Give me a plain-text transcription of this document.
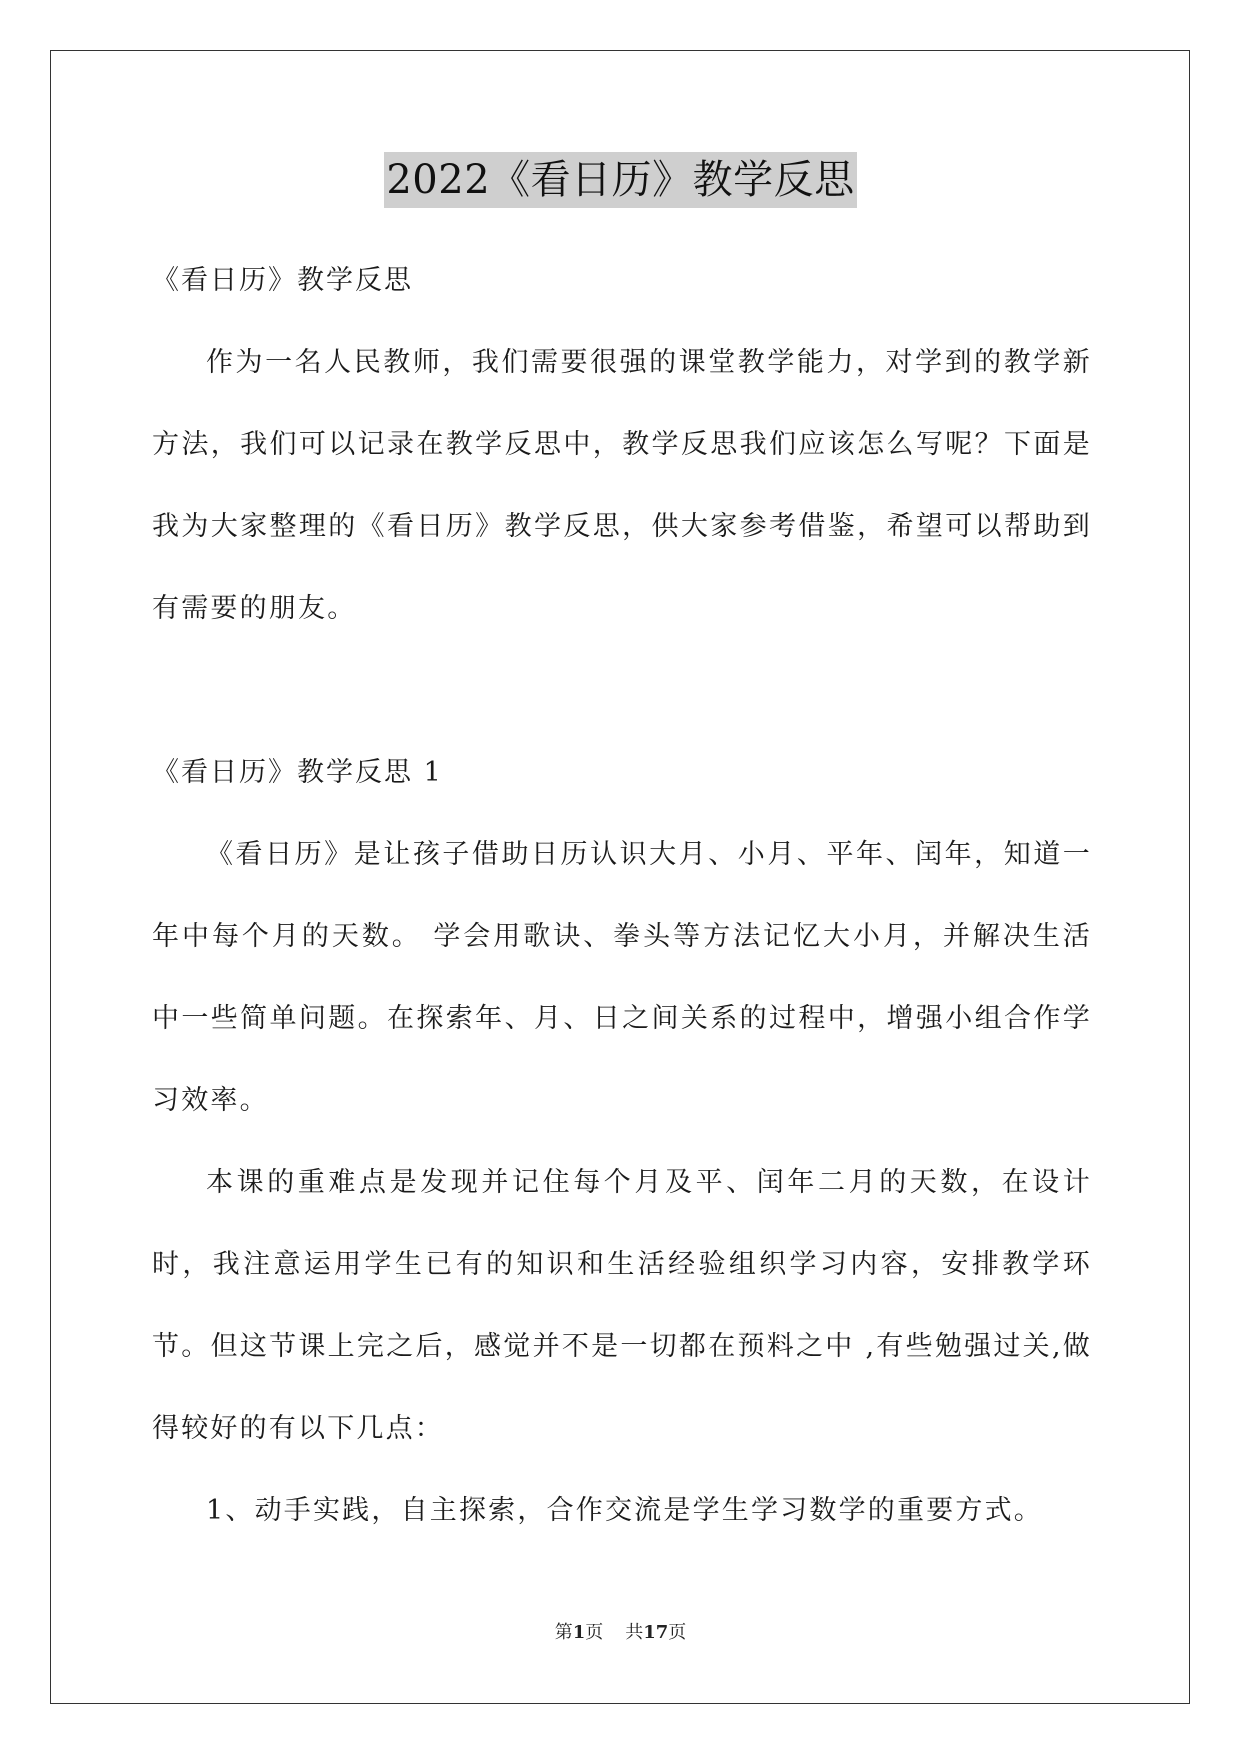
2022《看日历》教学反思

《看日历》教学反思

作为一名人民教师，我们需要很强的课堂教学能力，对学到的教学新方法，我们可以记录在教学反思中，教学反思我们应该怎么写呢？下面是我为大家整理的《看日历》教学反思，供大家参考借鉴，希望可以帮助到有需要的朋友。

《看日历》教学反思 1

《看日历》是让孩子借助日历认识大月、小月、平年、闰年，知道一年中每个月的天数。 学会用歌诀、拳头等方法记忆大小月，并解决生活中一些简单问题。在探索年、月、日之间关系的过程中，增强小组合作学习效率。

本课的重难点是发现并记住每个月及平、闰年二月的天数，在设计时，我注意运用学生已有的知识和生活经验组织学习内容，安排教学环节。但这节课上完之后，感觉并不是一切都在预料之中 ,有些勉强过关,做得较好的有以下几点：

1、动手实践，自主探索，合作交流是学生学习数学的重要方式。

第1页 共17页
